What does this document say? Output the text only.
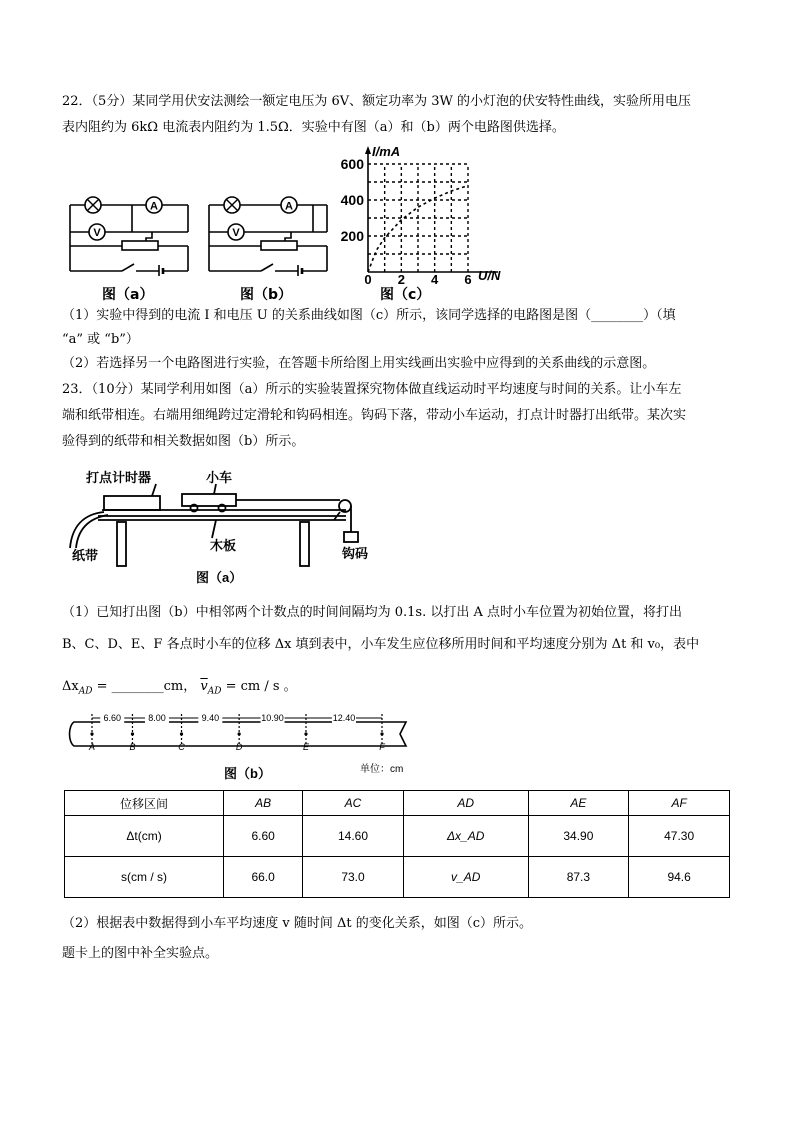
22．（5分）某同学用伏安法测绘一额定电压为 6V、额定功率为 3W 的小灯泡的伏安特性曲线，实验所用电压
表内阻约为 6kΩ 电流表内阻约为 1.5Ω．实验中有图（a）和（b）两个电路图供选择。
A
V
图（a）
A
V
图（b）
0 2 4 6
600
400
200
I/mA
U/N
图（c）
（1）实验中得到的电流 I 和电压 U 的关系曲线如图（c）所示，该同学选择的电路图是图（________）（填
“a” 或 “b”）
（2）若选择另一个电路图进行实验，在答题卡所给图上用实线画出实验中应得到的关系曲线的示意图。
23．（10分）某同学利用如图（a）所示的实验装置探究物体做直线运动时平均速度与时间的关系。让小车左
端和纸带相连。右端用细绳跨过定滑轮和钩码相连。钩码下落，带动小车运动，打点计时器打出纸带。某次实
验得到的纸带和相关数据如图（b）所示。
打点计时器	小车
纸带
木板
钩码
图（a）
（1）已知打出图（b）中相邻两个计数点的时间间隔均为 0.1s. 以打出 A 点时小车位置为初始位置，将打出
B、C、D、E、F 各点时小车的位移 Δx 填到表中，小车发生应位移所用时间和平均速度分别为 Δt 和 v₀，表中
$\Delta x_{AD}$ = ________cm， $\overline{v}_{AD}$ = cm / s 。
A	B	C	D	E	F
6.60	8.00	9.40	10.90	12.40
图（b）	单位：cm
位移区间	AB	AC	AD	AE	AF
Δt(cm)	6.60	14.60	Δx_AD	34.90	47.30
s(cm / s)	66.0	73.0	v_AD	87.3	94.6
（2）根据表中数据得到小车平均速度 v 随时间 Δt 的变化关系，如图（c）所示。
题卡上的图中补全实验点。
